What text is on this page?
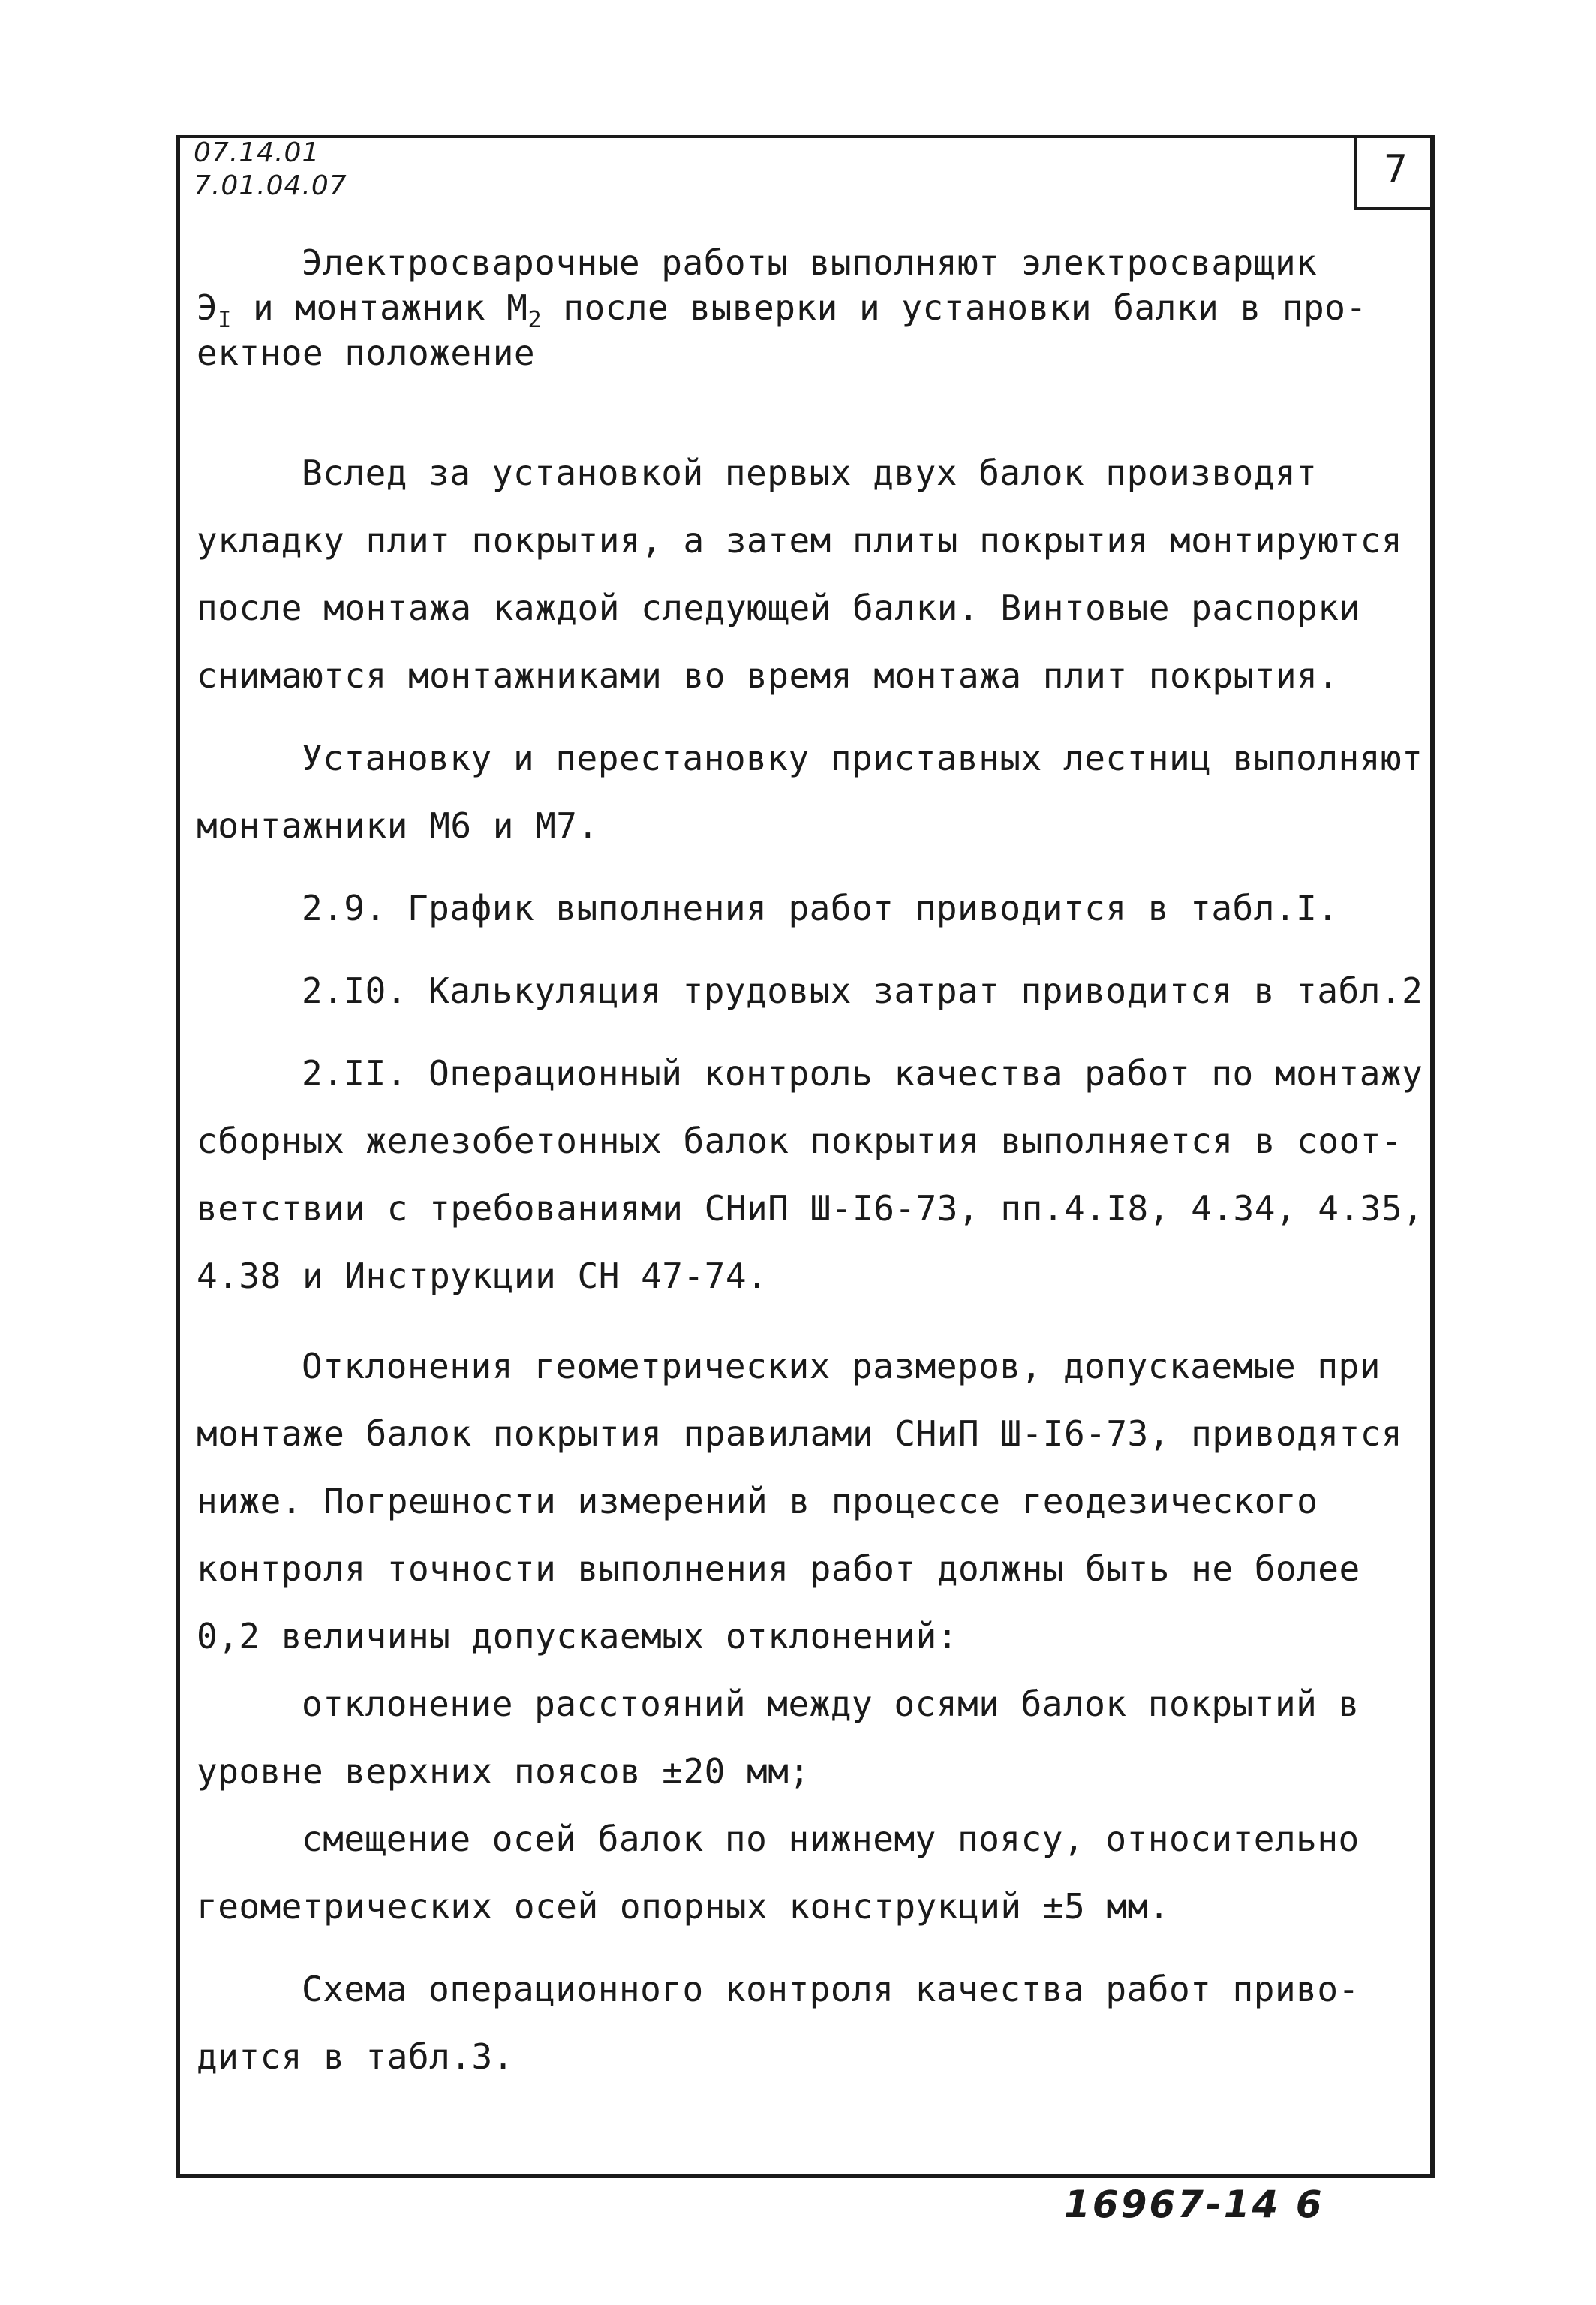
07.14.01
7.01.04.07	7
Электросварочные работы выполняют электросварщик
$Э_I$ и монтажник $М_2$ после выверки и установки балки в про-
ектное положение
Вслед за установкой первых двух балок производят
укладку плит покрытия, а затем плиты покрытия монтируются
после монтажа каждой следующей балки. Винтовые распорки
снимаются монтажниками во время монтажа плит покрытия.
Установку и перестановку приставных лестниц выполняют
монтажники М6 и М7.
2.9. График выполнения работ приводится в табл.I.
2.I0. Калькуляция трудовых затрат приводится в табл.2.
2.II. Операционный контроль качества работ по монтажу
сборных железобетонных балок покрытия выполняется в соот-
ветствии с требованиями СНиП Ш-I6-73, пп.4.I8, 4.34, 4.35,
4.38 и Инструкции СН 47-74.
Отклонения геометрических размеров, допускаемые при
монтаже балок покрытия правилами СНиП Ш-I6-73, приводятся
ниже. Погрешности измерений в процессе геодезического
контроля точности выполнения работ должны быть не более
0,2 величины допускаемых отклонений:
отклонение расстояний между осями балок покрытий в
уровне верхних поясов ±20 мм;
смещение осей балок по нижнему поясу, относительно
геометрических осей опорных конструкций ±5 мм.
Схема операционного контроля качества работ приво-
дится в табл.3.
16967-14 6
